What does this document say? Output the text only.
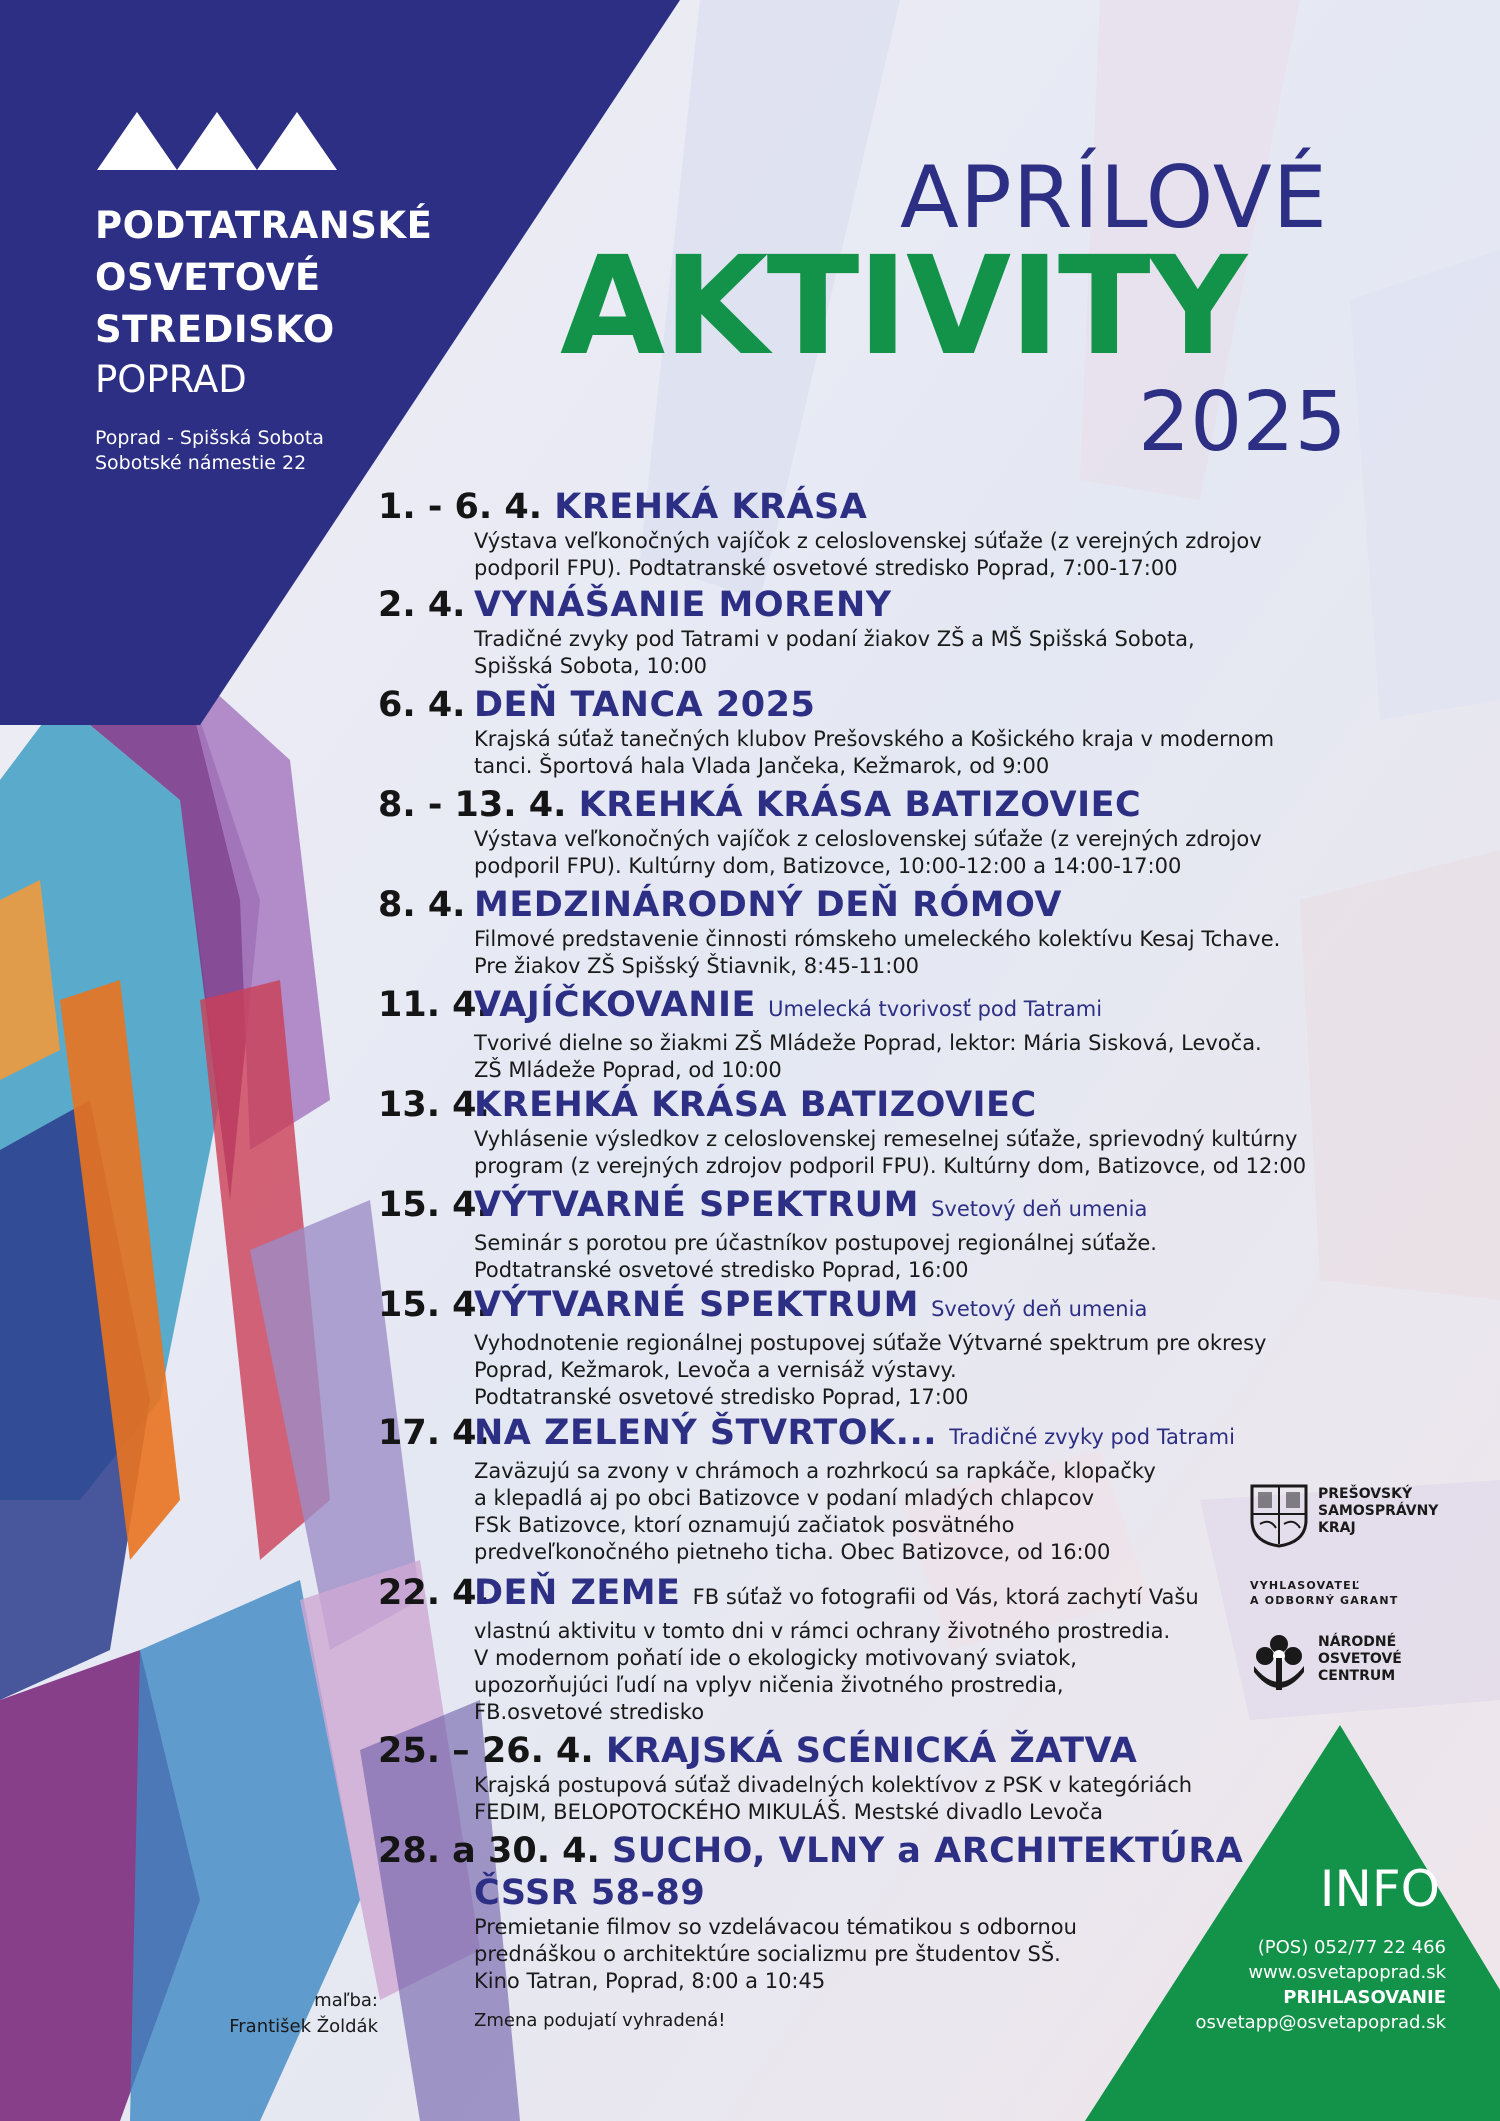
PODTATRANSKÉ
OSVETOVÉ
STREDISKO
POPRAD
Poprad - Spišská Sobota
Sobotské námestie 22
APRÍLOVÉ
AKTIVITY
2025
1. - 6. 4. KREHKÁ KRÁSA
Výstava veľkonočných vajíčok z celoslovenskej súťaže (z verejných zdrojov
podporil FPU). Podtatranské osvetové stredisko Poprad, 7:00-17:00
2. 4. VYNÁŠANIE MORENY
Tradičné zvyky pod Tatrami v podaní žiakov ZŠ a MŠ Spišská Sobota,
Spišská Sobota, 10:00
6. 4. DEŇ TANCA 2025
Krajská súťaž tanečných klubov Prešovského a Košického kraja v modernom
tanci. Športová hala Vlada Jančeka, Kežmarok, od 9:00
8. - 13. 4. KREHKÁ KRÁSA BATIZOVIEC
Výstava veľkonočných vajíčok z celoslovenskej súťaže (z verejných zdrojov
podporil FPU). Kultúrny dom, Batizovce, 10:00-12:00 a 14:00-17:00
8. 4. MEDZINÁRODNÝ DEŇ RÓMOV
Filmové predstavenie činnosti rómskeho umeleckého kolektívu Kesaj Tchave.
Pre žiakov ZŠ Spišský Štiavnik, 8:45-11:00
11. 4.VAJÍČKOVANIE Umelecká tvorivosť pod Tatrami
Tvorivé dielne so žiakmi ZŠ Mládeže Poprad, lektor: Mária Sisková, Levoča.
ZŠ Mládeže Poprad, od 10:00
13. 4.KREHKÁ KRÁSA BATIZOVIEC
Vyhlásenie výsledkov z celoslovenskej remeselnej súťaže, sprievodný kultúrny
program (z verejných zdrojov podporil FPU). Kultúrny dom, Batizovce, od 12:00
15. 4.VÝTVARNÉ SPEKTRUM Svetový deň umenia
Seminár s porotou pre účastníkov postupovej regionálnej súťaže.
Podtatranské osvetové stredisko Poprad, 16:00
15. 4.VÝTVARNÉ SPEKTRUM Svetový deň umenia
Vyhodnotenie regionálnej postupovej súťaže Výtvarné spektrum pre okresy
Poprad, Kežmarok, Levoča a vernisáž výstavy.
Podtatranské osvetové stredisko Poprad, 17:00
17. 4.NA ZELENÝ ŠTVRTOK... Tradičné zvyky pod Tatrami
Zaväzujú sa zvony v chrámoch a rozhrkocú sa rapkáče, klopačky
a klepadlá aj po obci Batizovce v podaní mladých chlapcov
FSk Batizovce, ktorí oznamujú začiatok posvätného
predveľkonočného pietneho ticha. Obec Batizovce, od 16:00
22. 4.DEŇ ZEME FB súťaž vo fotografii od Vás, ktorá zachytí Vašu
vlastnú aktivitu v tomto dni v rámci ochrany životného prostredia.
V modernom poňatí ide o ekologicky motivovaný sviatok,
upozorňujúci ľudí na vplyv ničenia životného prostredia,
FB.osvetové stredisko
25. – 26. 4. KRAJSKÁ SCÉNICKÁ ŽATVA
Krajská postupová súťaž divadelných kolektívov z PSK v kategóriách
FEDIM, BELOPOTOCKÉHO MIKULÁŠ. Mestské divadlo Levoča
28. a 30. 4. SUCHO, VLNY a ARCHITEKTÚRA
ČSSR 58-89
Premietanie filmov so vzdelávacou tématikou s odbornou
prednáškou o architektúre socializmu pre študentov SŠ.
Kino Tatran, Poprad, 8:00 a 10:45
Zmena podujatí vyhradená!
maľba:
František Žoldák
PREŠOVSKÝ
SAMOSPRÁVNY
KRAJ
VYHLASOVATEĽ
A ODBORNÝ GARANT
NÁRODNÉ
OSVETOVÉ
CENTRUM
INFO
(POS) 052/77 22 466
www.osvetapoprad.sk
PRIHLASOVANIE
osvetapp@osvetapoprad.sk
